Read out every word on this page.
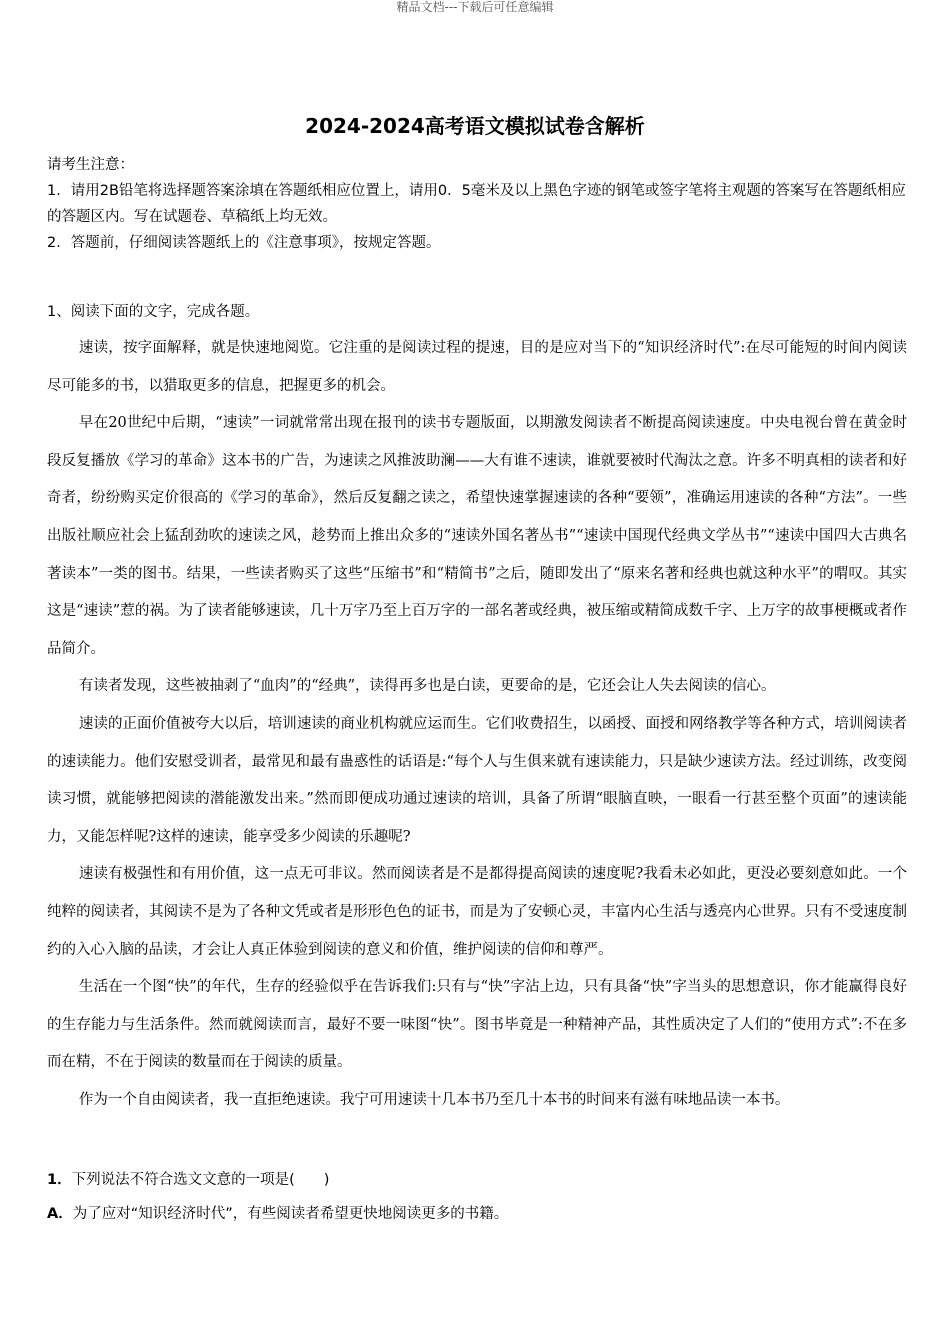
精品文档---下载后可任意编辑
2024-2024高考语文模拟试卷含解析

请考生注意：

1．请用2B铅笔将选择题答案涂填在答题纸相应位置上，请用0．5毫米及以上黑色字迹的钢笔或签字笔将主观题的答案写在答题纸相应的答题区内。写在试题卷、草稿纸上均无效。

2．答题前，仔细阅读答题纸上的《注意事项》，按规定答题。

1、阅读下面的文字，完成各题。

速读，按字面解释，就是快速地阅览。它注重的是阅读过程的提速，目的是应对当下的“知识经济时代”:在尽可能短的时间内阅读尽可能多的书，以猎取更多的信息，把握更多的机会。

早在20世纪中后期，“速读”一词就常常出现在报刊的读书专题版面，以期激发阅读者不断提高阅读速度。中央电视台曾在黄金时段反复播放《学习的革命》这本书的广告，为速读之风推波助澜——大有谁不速读，谁就要被时代淘汰之意。许多不明真相的读者和好奇者，纷纷购买定价很高的《学习的革命》，然后反复翻之读之，希望快速掌握速读的各种“要领”，准确运用速读的各种“方法”。一些出版社顺应社会上猛刮劲吹的速读之风，趁势而上推出众多的“速读外国名著丛书”“速读中国现代经典文学丛书”“速读中国四大古典名著读本”一类的图书。结果，一些读者购买了这些“压缩书”和“精简书”之后，随即发出了“原来名著和经典也就这种水平”的喟叹。其实这是“速读”惹的祸。为了读者能够速读，几十万字乃至上百万字的一部名著或经典，被压缩或精简成数千字、上万字的故事梗概或者作品简介。

有读者发现，这些被抽剥了“血肉”的“经典”，读得再多也是白读，更要命的是，它还会让人失去阅读的信心。

速读的正面价值被夸大以后，培训速读的商业机构就应运而生。它们收费招生，以函授、面授和网络教学等各种方式，培训阅读者的速读能力。他们安慰受训者，最常见和最有蛊惑性的话语是:“每个人与生俱来就有速读能力，只是缺少速读方法。经过训练，改变阅读习惯，就能够把阅读的潜能激发出来。”然而即便成功通过速读的培训，具备了所谓“眼脑直映，一眼看一行甚至整个页面”的速读能力，又能怎样呢?这样的速读，能享受多少阅读的乐趣呢?

速读有极强性和有用价值，这一点无可非议。然而阅读者是不是都得提高阅读的速度呢?我看未必如此，更没必要刻意如此。一个纯粹的阅读者，其阅读不是为了各种文凭或者是形形色色的证书，而是为了安顿心灵，丰富内心生活与透亮内心世界。只有不受速度制约的入心入脑的品读，才会让人真正体验到阅读的意义和价值，维护阅读的信仰和尊严。

生活在一个图“快”的年代，生存的经验似乎在告诉我们:只有与“快”字沾上边，只有具备“快”字当头的思想意识，你才能赢得良好的生存能力与生活条件。然而就阅读而言，最好不要一味图“快”。图书毕竟是一种精神产品，其性质决定了人们的“使用方式”:不在多而在精，不在于阅读的数量而在于阅读的质量。

作为一个自由阅读者，我一直拒绝速读。我宁可用速读十几本书乃至几十本书的时间来有滋有味地品读一本书。

1．下列说法不符合选文文意的一项是(　　)

A．为了应对“知识经济时代”，有些阅读者希望更快地阅读更多的书籍。
